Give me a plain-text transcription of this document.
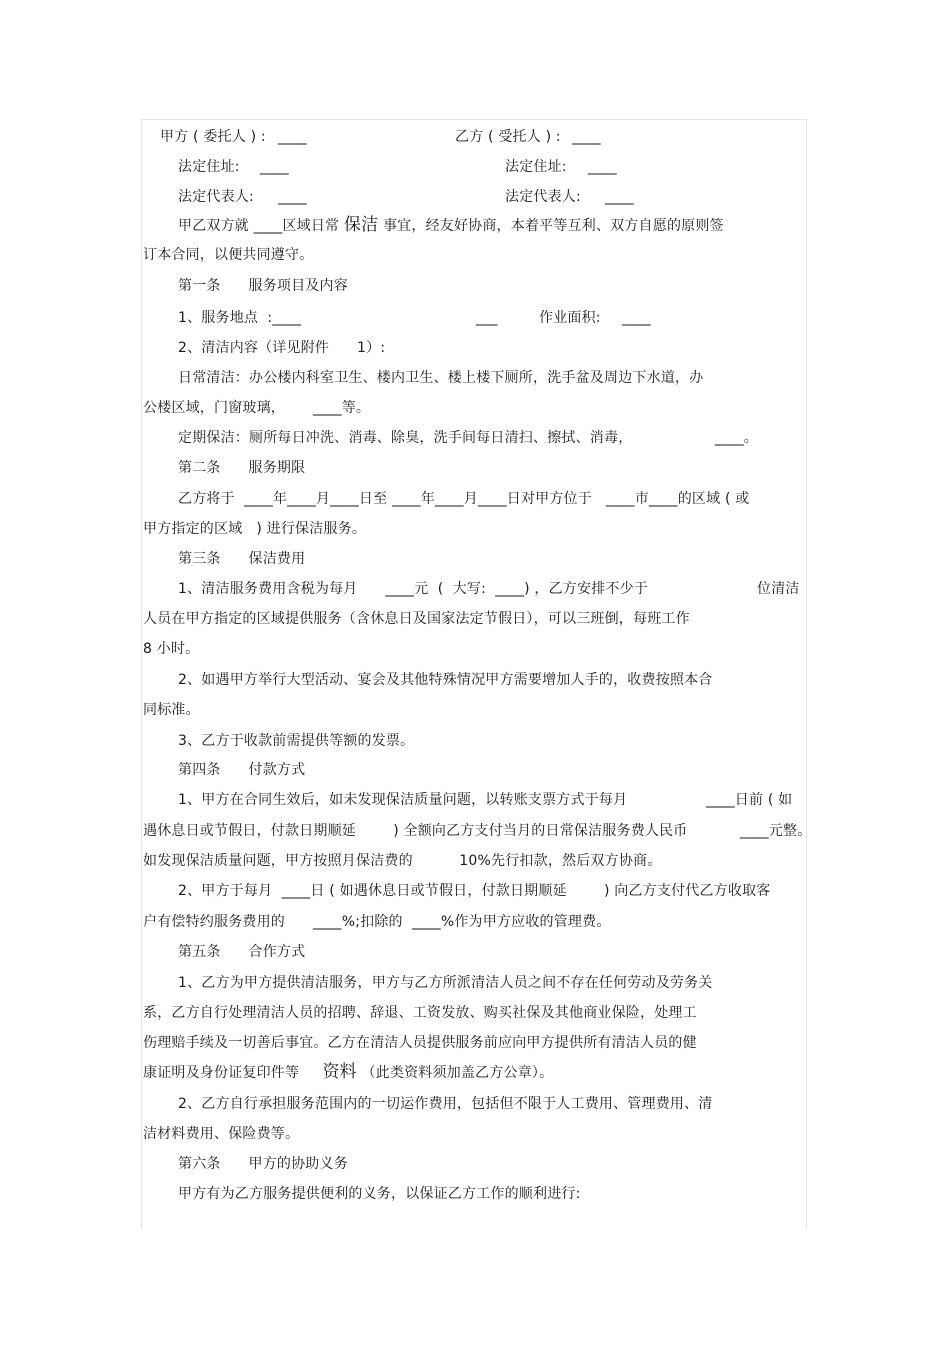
甲方 ( 委托人 ) : ____	乙方 ( 受托人 ) : ____
法定住址: ____	法定住址: ____
法定代表人: ____	法定代表人: ____
甲乙双方就 ____区域日常 保洁 事宜，经友好协商，本着平等互利、双方自愿的原则签
订本合同，以便共同遵守。
第一条      服务项目及内容
1、服务地点  :____	___	作业面积: ____
2、清洁内容（详见附件      1）:
日常清洁：办公楼内科室卫生、楼内卫生、楼上楼下厕所，洗手盆及周边下水道，办
公楼区域，门窗玻璃，      ____等。
定期保洁：厕所每日冲洗、消毒、除臭，洗手间每日清扫、擦拭、消毒，	____。
第二条      服务期限
乙方将于  ____年____月____日至 ____年____月____日对甲方位于   ____市____的区域 ( 或
甲方指定的区域   ) 进行保洁服务。
第三条      保洁费用
1、清洁服务费用含税为每月      ____元  (  大写:  ____) ，乙方安排不少于	位清洁
人员在甲方指定的区域提供服务（含休息日及国家法定节假日），可以三班倒，每班工作
8 小时。
2、如遇甲方举行大型活动、宴会及其他特殊情况甲方需要增加人手的，收费按照本合
同标准。
3、乙方于收款前需提供等额的发票。
第四条      付款方式
1、甲方在合同生效后，如未发现保洁质量问题，以转账支票方式于每月	____日前 ( 如
遇休息日或节假日，付款日期顺延        ) 全额向乙方支付当月的日常保洁服务费人民币	____元整。
如发现保洁质量问题，甲方按照月保洁费的          10%先行扣款，然后双方协商。
2、甲方于每月  ____日 ( 如遇休息日或节假日，付款日期顺延        ) 向乙方支付代乙方收取客
户有偿特约服务费用的      ____%;扣除的  ____%作为甲方应收的管理费。
第五条      合作方式
1、乙方为甲方提供清洁服务，甲方与乙方所派清洁人员之间不存在任何劳动及劳务关
系，乙方自行处理清洁人员的招聘、辞退、工资发放、购买社保及其他商业保险，处理工
伤理赔手续及一切善后事宜。乙方在清洁人员提供服务前应向甲方提供所有清洁人员的健
康证明及身份证复印件等     资料 （此类资料须加盖乙方公章）。
2、乙方自行承担服务范围内的一切运作费用，包括但不限于人工费用、管理费用、清
洁材料费用、保险费等。
第六条      甲方的协助义务
甲方有为乙方服务提供便利的义务，以保证乙方工作的顺利进行:
